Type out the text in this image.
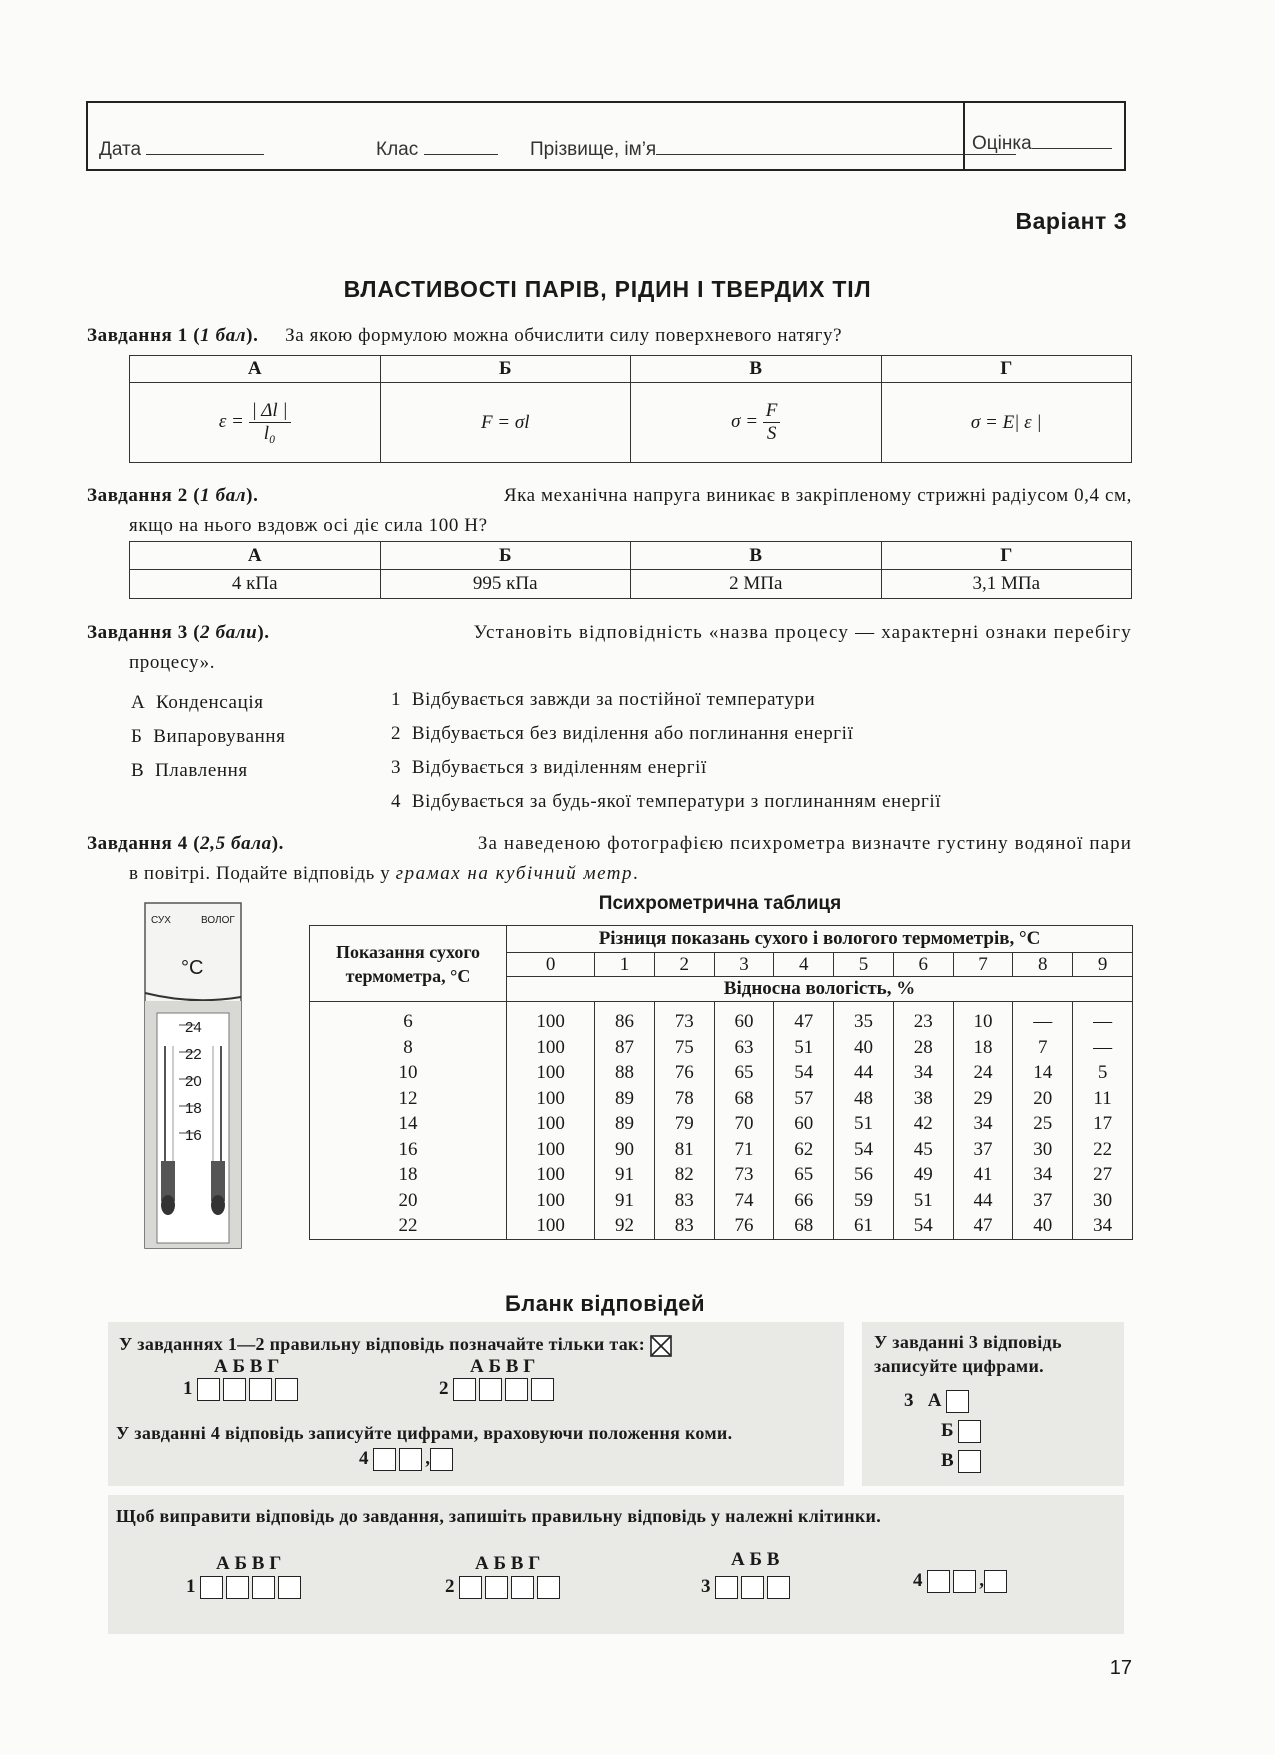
Дата	Клас	Прізвище, ім’я	Оцінка
Варіант 3
ВЛАСТИВОСТІ ПАРІВ, РІДИН І ТВЕРДИХ ТІЛ
Завдання 1 (1 бал). За якою формулою можна обчислити силу поверхневого натягу?
А	Б	В	Г
$\varepsilon = \frac{| \Delta l |}{\text{l₀}}$	F = σl	$\sigma = \frac{F}{S}$	σ = E| ε |
Завдання 2 (1 бал).	Яка механічна напруга виникає в закріпленому стрижні радіусом 0,4 см,
якщо на нього вздовж осі діє сила 100 Н?
А	Б	В	Г
4 кПа	995 кПа	2 МПа	3,1 МПа
Завдання 3 (2 бали).	Установіть відповідність «назва процесу — характерні ознаки перебігу
процесу».
А Конденсація
Б Випаровування
В Плавлення
1 Відбувається завжди за постійної температури
2 Відбувається без виділення або поглинання енергії
3 Відбувається з виділенням енергії
4 Відбувається за будь-якої температури з поглинанням енергії
Завдання 4 (2,5 бала).	За наведеною фотографією психрометра визначте густину водяної пари
в повітрі. Подайте відповідь у грамах на кубічний метр.
СУХ	ВОЛОГ
°C
24
22
20
18
16
Психрометрична таблиця
Показання сухого
термометра, °С	Різниця показань сухого і вологого термометрів, °С									
	0	1	2	3	4	5	6	7	8	9
	Відносна вологість, %									

6	100	86	73	60	47	35	23	10	—	—
8	100	87	75	63	51	40	28	18	7	—
10	100	88	76	65	54	44	34	24	14	5
12	100	89	78	68	57	48	38	29	20	11
14	100	89	79	70	60	51	42	34	25	17
16	100	90	81	71	62	54	45	37	30	22
18	100	91	82	73	65	56	49	41	34	27
20	100	91	83	74	66	59	51	44	37	30
22	100	92	83	76	68	61	54	47	40	34
Бланк відповідей
У завданнях 1—2 правильну відповідь позначайте тільки так:
А Б В Г
1
А Б В Г
2
У завданні 4 відповідь записуйте цифрами, враховуючи положення коми.
4	,
У завданні 3 відповідь
записуйте цифрами.
3 А
Б
В
Щоб виправити відповідь до завдання, запишіть правильну відповідь у належні клітинки.
А Б В Г
1
А Б В Г
2
А Б В
3	4	,
17
